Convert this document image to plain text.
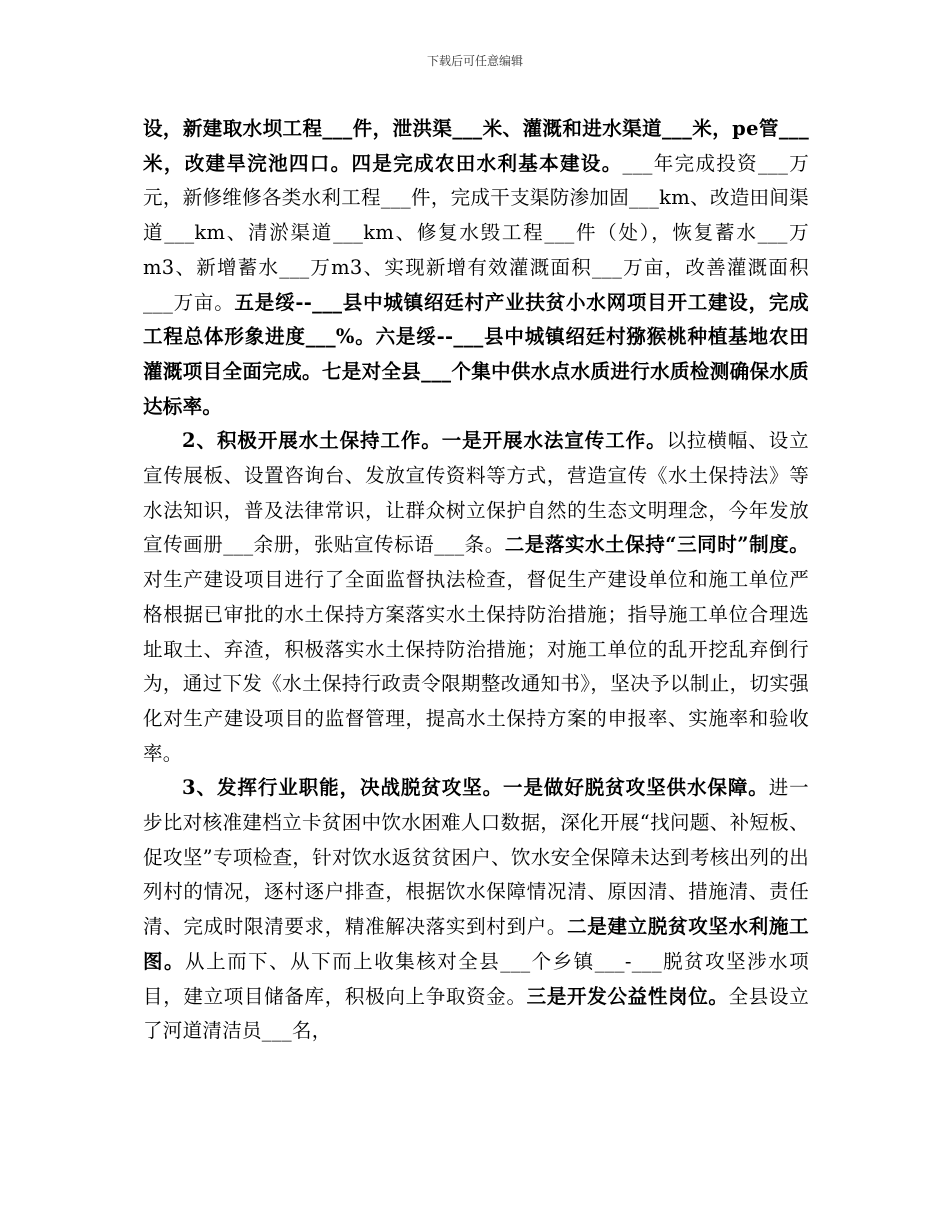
下载后可任意编辑

设，新建取水坝工程___件，泄洪渠___米、灌溉和进水渠道___米，pe管___米，改建旱浣池四口。四是完成农田水利基本建设。___年完成投资___万元，新修维修各类水利工程___件，完成干支渠防渗加固___km、改造田间渠道___km、清淤渠道___km、修复水毁工程___件（处），恢复蓄水___万m3、新增蓄水___万m3、实现新增有效灌溉面积___万亩，改善灌溉面积___万亩。五是绥--___县中城镇绍廷村产业扶贫小水网项目开工建设，完成工程总体形象进度___%。六是绥--___县中城镇绍廷村猕猴桃种植基地农田灌溉项目全面完成。七是对全县___个集中供水点水质进行水质检测确保水质达标率。

2、积极开展水土保持工作。一是开展水法宣传工作。以拉横幅、设立宣传展板、设置咨询台、发放宣传资料等方式，营造宣传《水土保持法》等水法知识，普及法律常识，让群众树立保护自然的生态文明理念，今年发放宣传画册___余册，张贴宣传标语___条。二是落实水土保持“三同时”制度。对生产建设项目进行了全面监督执法检查，督促生产建设单位和施工单位严格根据已审批的水土保持方案落实水土保持防治措施；指导施工单位合理选址取土、弃渣，积极落实水土保持防治措施；对施工单位的乱开挖乱弃倒行为，通过下发《水土保持行政责令限期整改通知书》，坚决予以制止，切实强化对生产建设项目的监督管理，提高水土保持方案的申报率、实施率和验收率。

3、发挥行业职能，决战脱贫攻坚。一是做好脱贫攻坚供水保障。进一步比对核准建档立卡贫困中饮水困难人口数据，深化开展“找问题、补短板、促攻坚”专项检查，针对饮水返贫贫困户、饮水安全保障未达到考核出列的出列村的情况，逐村逐户排查，根据饮水保障情况清、原因清、措施清、责任清、完成时限清要求，精准解决落实到村到户。二是建立脱贫攻坚水利施工图。从上而下、从下而上收集核对全县___个乡镇___-___脱贫攻坚涉水项目，建立项目储备库，积极向上争取资金。三是开发公益性岗位。全县设立了河道清洁员___名，
